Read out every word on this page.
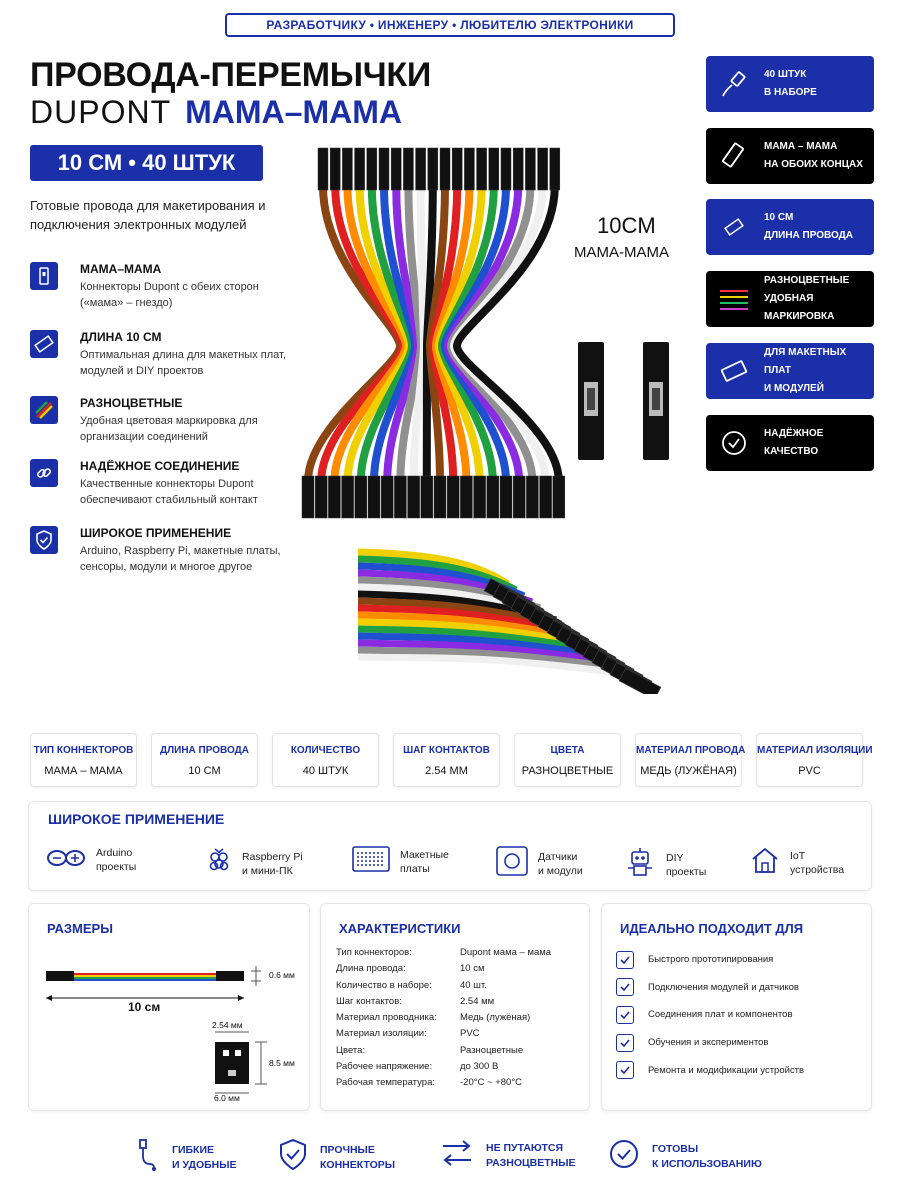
РАЗРАБОТЧИКУ • ИНЖЕНЕРУ • ЛЮБИТЕЛЮ ЭЛЕКТРОНИКИ
ПРОВОДА-ПЕРЕМЫЧКИ
DUPONT МАМА–МАМА
10 СМ • 40 ШТУК
Готовые провода для макетирования и подключения электронных модулей
МАМА–МАМА
Коннекторы Dupont с обеих сторон («мама» – гнездо)
ДЛИНА 10 СМ
Оптимальная длина для макетных плат, модулей и DIY проектов
РАЗНОЦВЕТНЫЕ
Удобная цветовая маркировка для организации соединений
НАДЁЖНОЕ СОЕДИНЕНИЕ
Качественные коннекторы Dupont обеспечивают стабильный контакт
ШИРОКОЕ ПРИМЕНЕНИЕ
Arduino, Raspberry Pi, макетные платы, сенсоры, модули и многое другое
10CM
MAMA-MAMA
40 ШТУК
В НАБОРЕ
МАМА – МАМА
НА ОБОИХ КОНЦАХ
10 СМ
ДЛИНА ПРОВОДА
РАЗНОЦВЕТНЫЕ
УДОБНАЯ МАРКИРОВКА
ДЛЯ МАКЕТНЫХ ПЛАТ
И МОДУЛЕЙ
НАДЁЖНОЕ
КАЧЕСТВО
ТИП КОННЕКТОРОВ
МАМА – МАМА
ДЛИНА ПРОВОДА
10 СМ
КОЛИЧЕСТВО
40 ШТУК
ШАГ КОНТАКТОВ
2.54 ММ
ЦВЕТА
РАЗНОЦВЕТНЫЕ
МАТЕРИАЛ ПРОВОДА
МЕДЬ (ЛУЖЁНАЯ)
МАТЕРИАЛ ИЗОЛЯЦИИ
PVC
ШИРОКОЕ ПРИМЕНЕНИЕ
Arduino
проекты
Raspberry Pi
и мини-ПК
Макетные
платы
Датчики
и модули
DIY
проекты
IoT
устройства
РАЗМЕРЫ
0.6 мм
10 см
2.54 мм
8.5 мм
6.0 мм
ХАРАКТЕРИСТИКИ
Тип коннекторов:	Dupont мама – мама
Длина провода:	10 см
Количество в наборе:	40 шт.
Шаг контактов:	2.54 мм
Материал проводника:	Медь (лужёная)
Материал изоляции:	PVC
Цвета:	Разноцветные
Рабочее напряжение:	до 300 В
Рабочая температура:	-20°C ~ +80°C
ИДЕАЛЬНО ПОДХОДИТ ДЛЯ
Быстрого прототипирования
Подключения модулей и датчиков
Соединения плат и компонентов
Обучения и экспериментов
Ремонта и модификации устройств
ГИБКИЕ
И УДОБНЫЕ
ПРОЧНЫЕ
КОННЕКТОРЫ
НЕ ПУТАЮТСЯ
РАЗНОЦВЕТНЫЕ
ГОТОВЫ
К ИСПОЛЬЗОВАНИЮ
